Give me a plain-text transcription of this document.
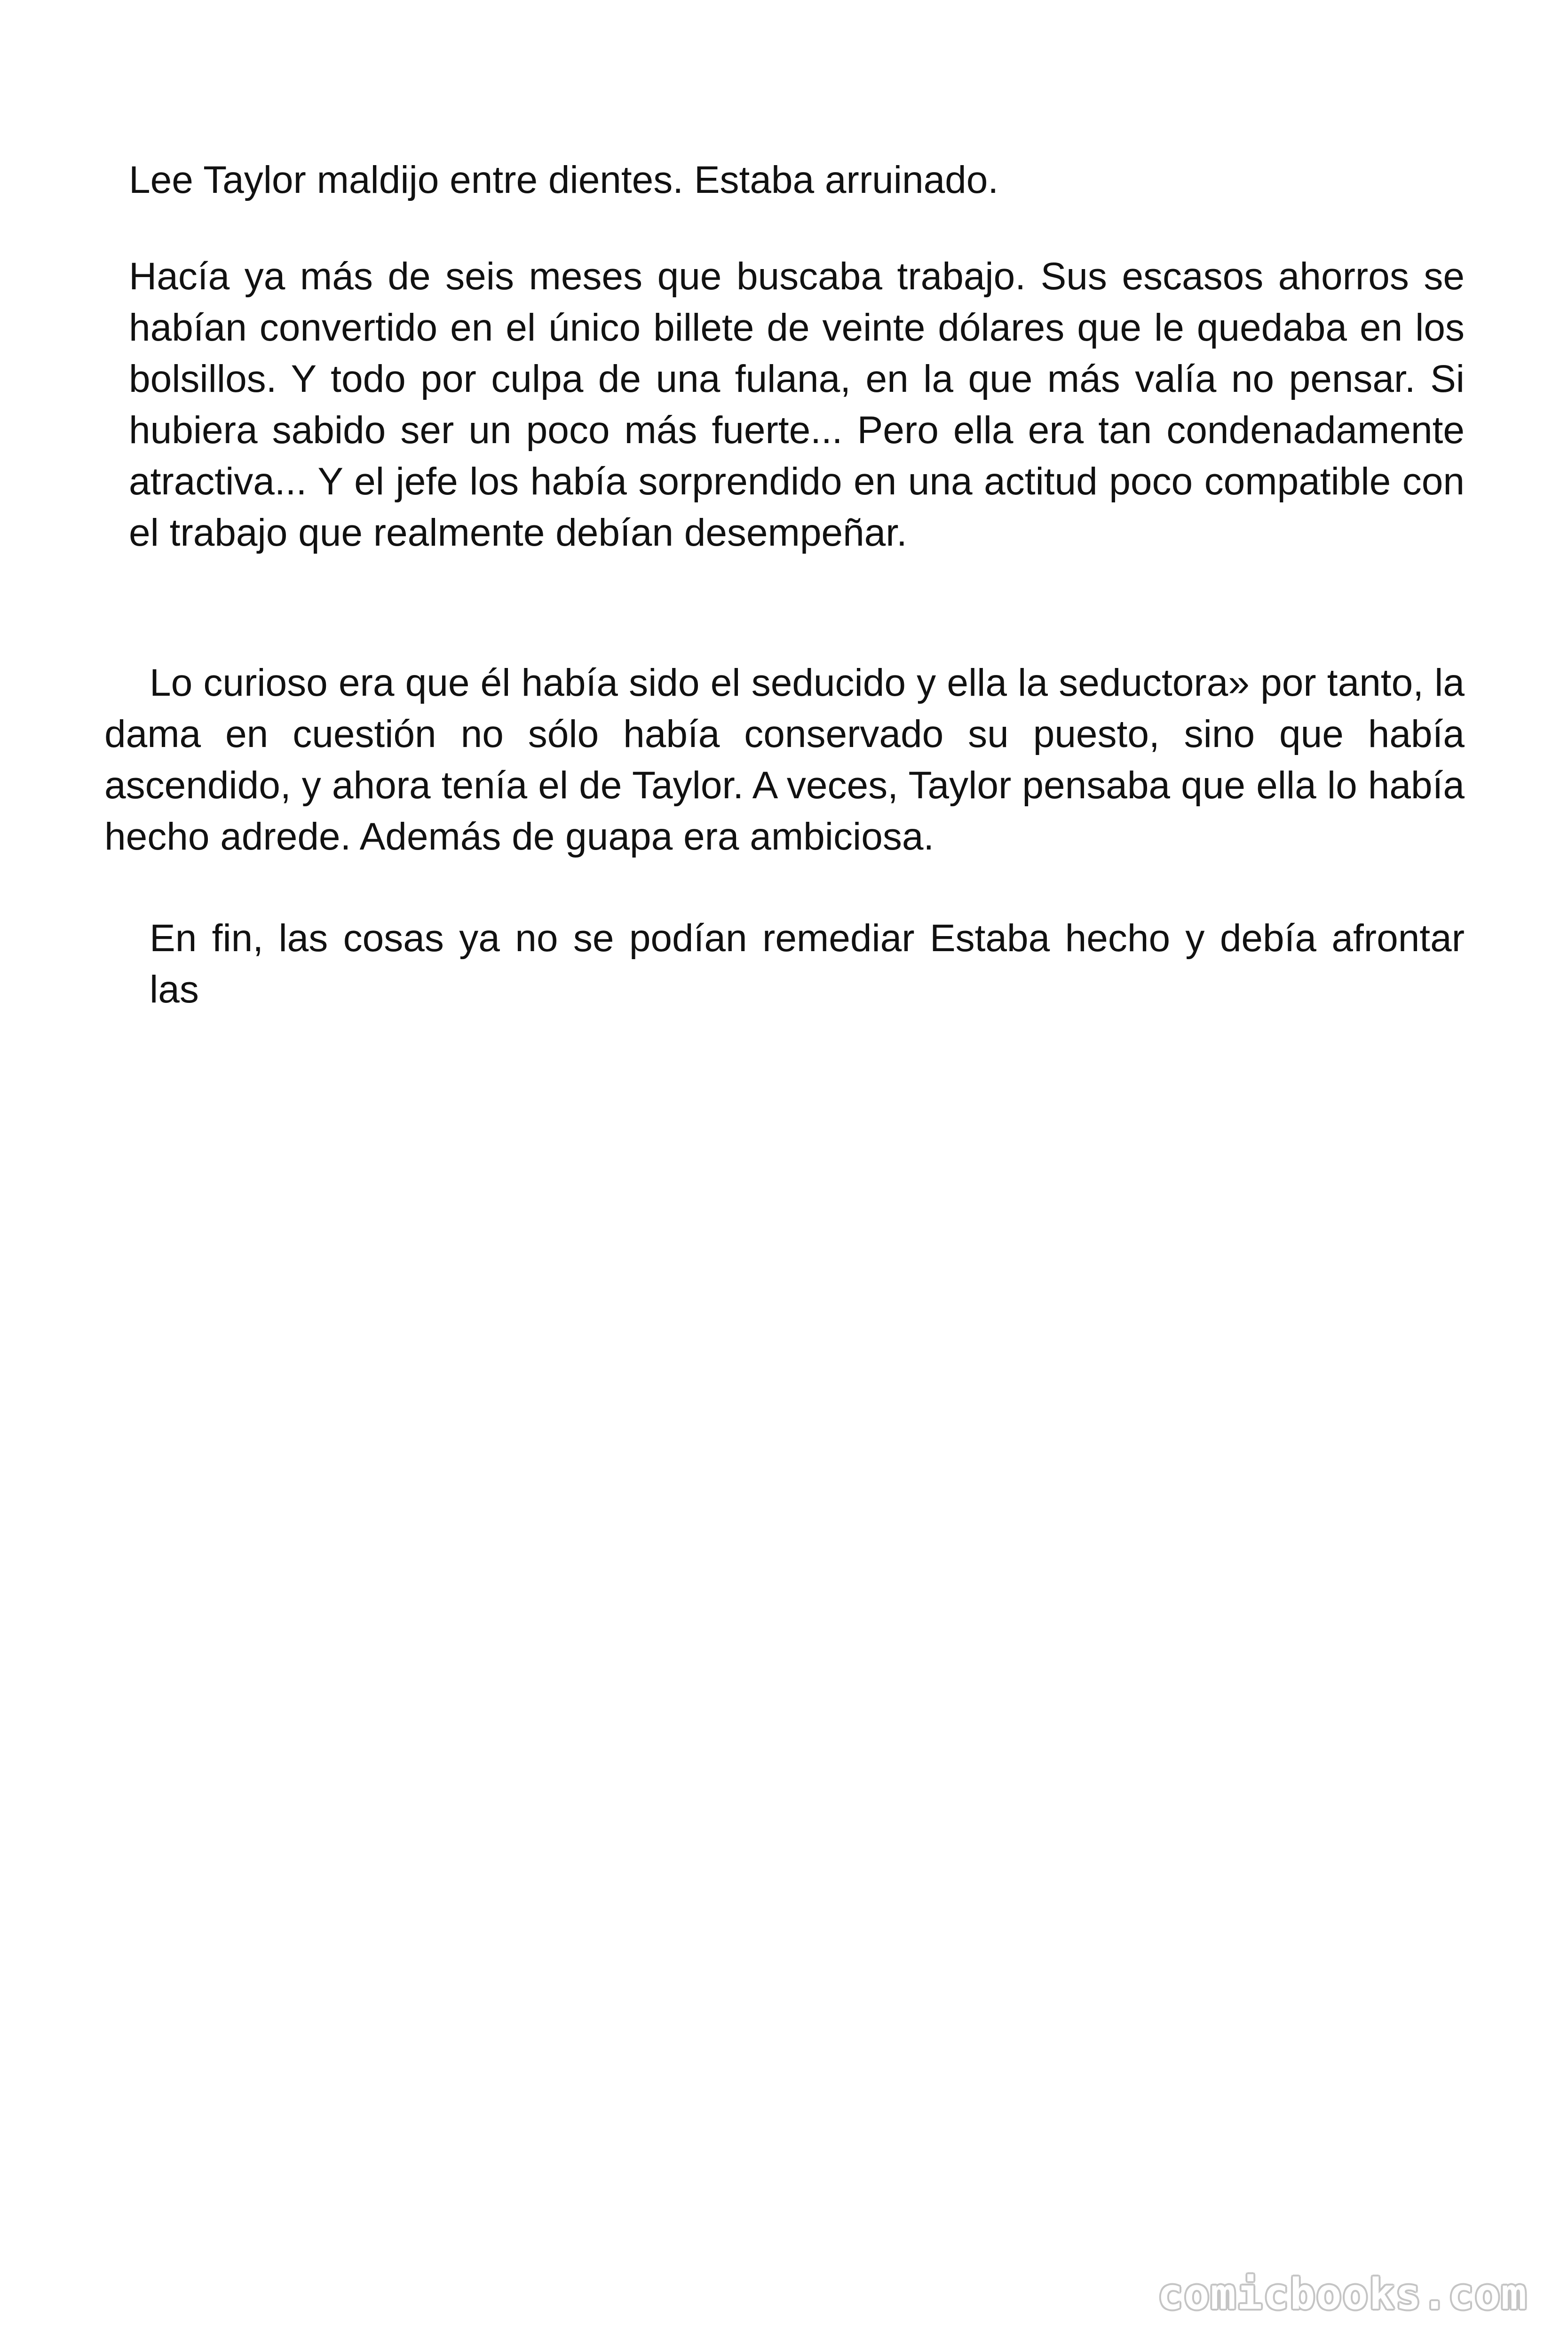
Lee Taylor maldijo entre dientes. Estaba arruinado.

Hacía ya más de seis meses que buscaba trabajo. Sus escasos ahorros se habían convertido en el único billete de veinte dólares que le quedaba en los bolsillos. Y todo por culpa de una fulana, en la que más valía no pensar. Si hubiera sabido ser un poco más fuerte... Pero ella era tan condenadamente atractiva... Y el jefe los había sorprendido en una actitud poco compatible con el trabajo que realmente debían desempeñar.

Lo curioso era que él había sido el seducido y ella la seductora» por tanto, la dama en cuestión no sólo había conservado su puesto, sino que había ascendido, y ahora tenía el de Taylor. A veces, Taylor pensaba que ella lo había hecho adrede. Además de guapa era ambiciosa.

En fin, las cosas ya no se podían remediar Estaba hecho y debía afrontar las

comicbooks.com
